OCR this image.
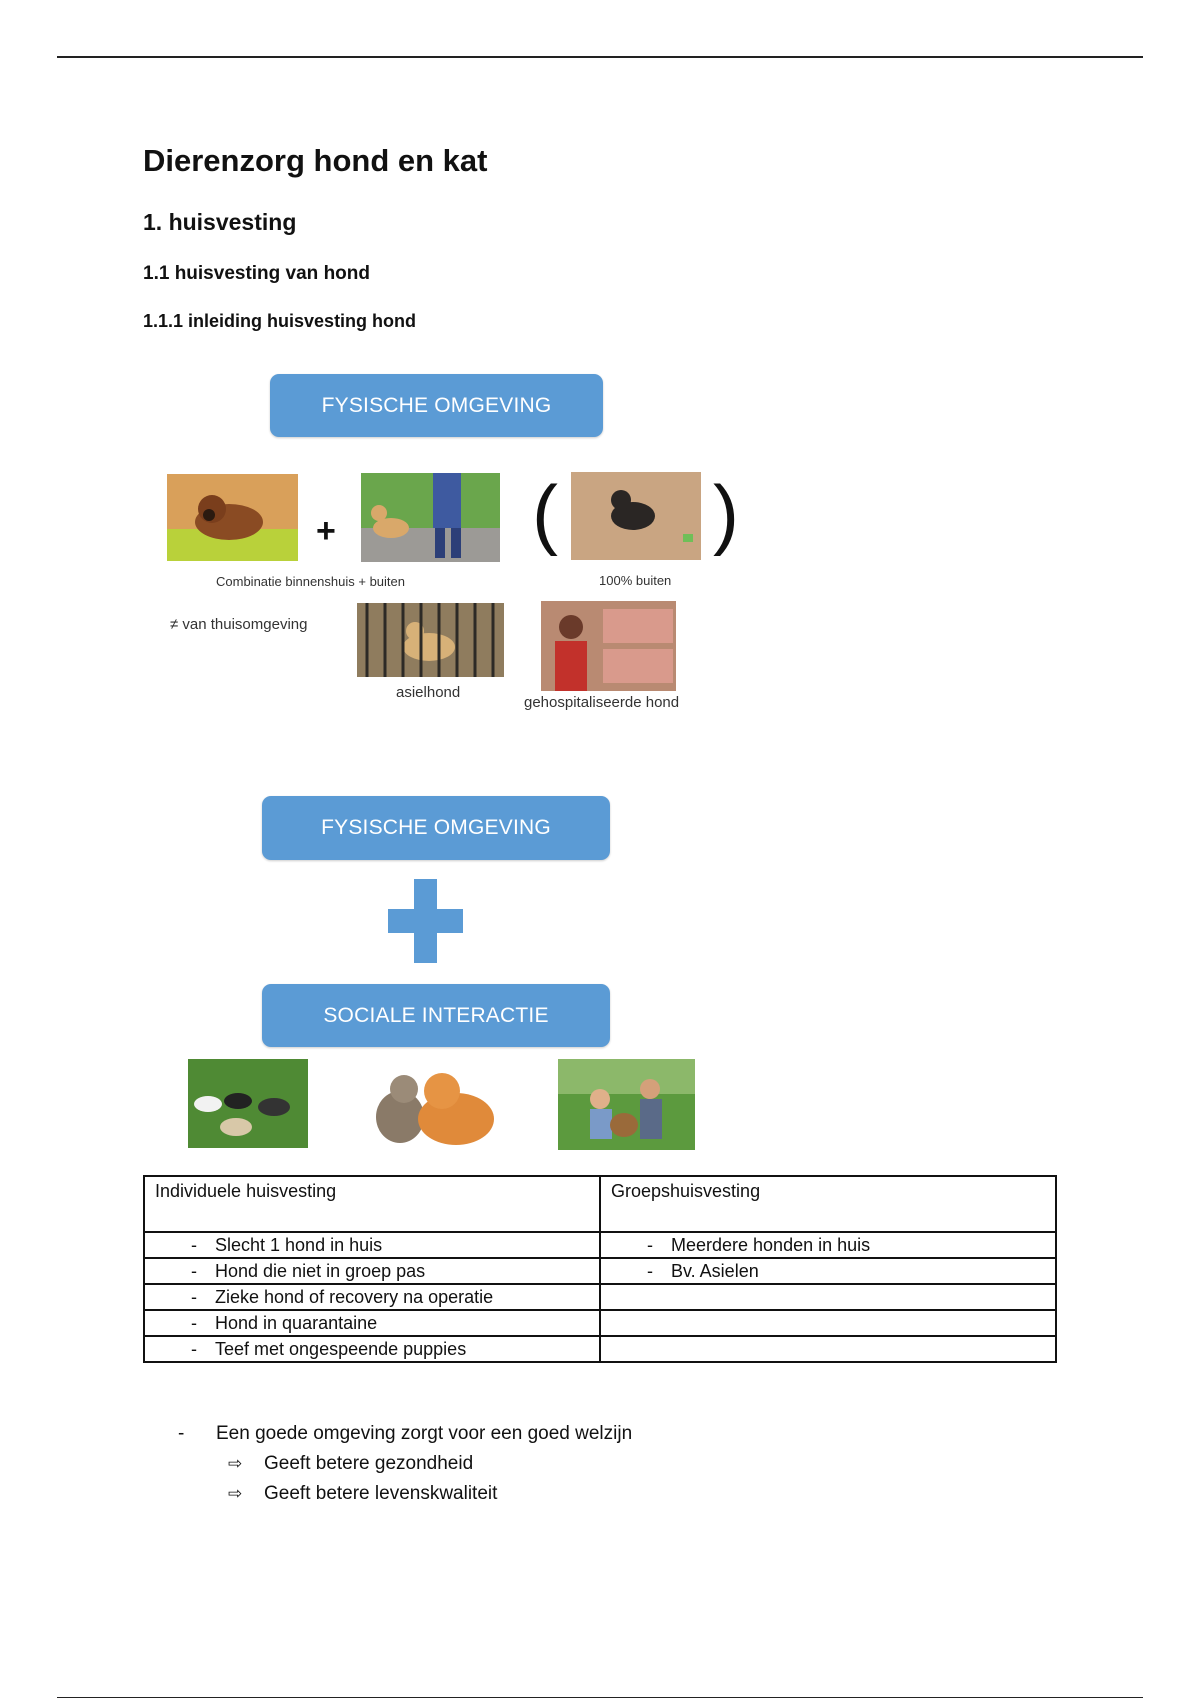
Dierenzorg hond en kat
1. huisvesting
1.1 huisvesting van hond
1.1.1 inleiding huisvesting hond
FYSISCHE OMGEVING
+	( )
Combinatie binnenshuis + buiten	100% buiten
≠ van thuisomgeving
asielhond
gehospitaliseerde hond
FYSISCHE OMGEVING
SOCIALE INTERACTIE
Individuele huisvesting	Groepshuisvesting
- Slecht 1 hond in huis	- Meerdere honden in huis
- Hond die niet in groep pas	- Bv. Asielen
- Zieke hond of recovery na operatie	
- Hond in quarantaine	
- Teef met ongespeende puppies	
- Een goede omgeving zorgt voor een goed welzijn
⇨ Geeft betere gezondheid
⇨ Geeft betere levenskwaliteit
